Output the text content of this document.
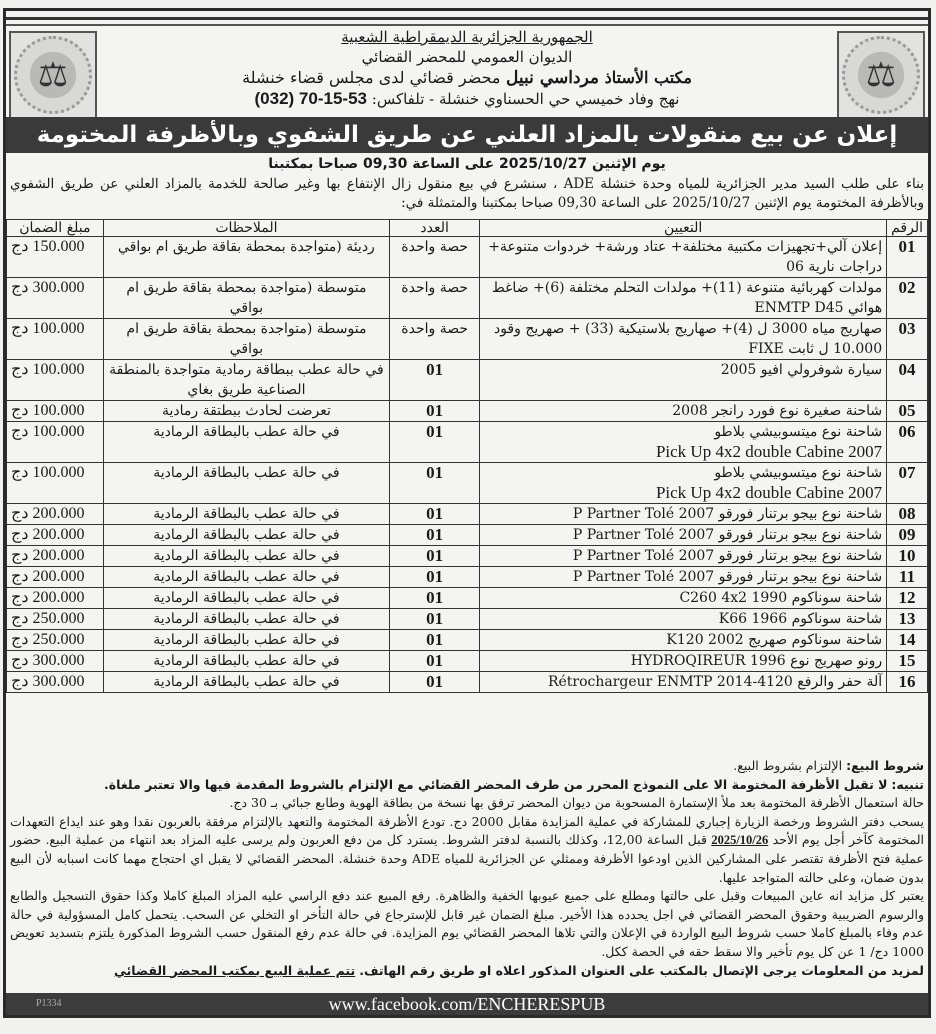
⚖
الجمهورية الجزائرية الديمقراطية الشعبية
الديوان العمومي للمحضر القضائي
مكتب الأستاذ مرداسي نبيل محضر قضائي لدى مجلس قضاء خنشلة
نهج وفاد خميسي حي الحسناوي خنشلة - تلفاكس: (032) 70-15-53
⚖
إعلان عن بيع منقولات بالمزاد العلني عن طريق الشفوي وبالأظرفة المختومة
يوم الإثنين 2025/10/27 على الساعة 09,30 صباحا بمكتبنا
بناء على طلب السيد مدير الجزائرية للمياه وحدة خنشلة ADE ، سنشرع في بيع منقول زال الإنتفاع بها وغير صالحة للخدمة بالمزاد العلني عن طريق الشفوي وبالأظرفة المختومة يوم الإثنين 2025/10/27 على الساعة 09,30 صباحا بمكتبنا والمتمثلة في:
الرقم	التعيين	العدد	الملاحظات	مبلغ الضمان
01	إعلان آلي+تجهيزات مكتبية مختلفة+ عتاد ورشة+ خردوات متنوعة+ دراجات نارية 06	حصة واحدة	رديئة (متواجدة بمحطة بقاقة طريق ام بواقي	150.000 دج
02	مولدات كهربائية متنوعة (11)+ مولدات التحلم مختلفة (6)+ ضاغط هوائي ENMTP D45	حصة واحدة	متوسطة (متواجدة بمحطة بقاقة طريق ام بواقي	300.000 دج
03	صهاريج مياه 3000 ل (4)+ صهاريج بلاستيكية (33) + صهريج وقود 10.000 ل ثابت FIXE	حصة واحدة	متوسطة (متواجدة بمحطة بقاقة طريق ام بواقي	100.000 دج
04	سيارة شوفرولي افيو 2005	01	في حالة عطب ببطاقة رمادية متواجدة بالمنطقة الصناعية طريق بغاي	100.000 دج
05	شاحنة صغيرة نوع فورد رانجر 2008	01	تعرضت لحادث ببطتقة رمادية	100.000 دج
06	شاحنة نوع ميتسوبيشي بلاطو
Pick Up 4x2 double Cabine 2007	01	في حالة عطب بالبطاقة الرمادية	100.000 دج
07	شاحنة نوع ميتسوبيشي بلاطو
Pick Up 4x2 double Cabine 2007	01	في حالة عطب بالبطاقة الرمادية	100.000 دج
08	شاحنة نوع بيجو برتنار فورقو P Partner Tolé 2007	01	في حالة عطب بالبطاقة الرمادية	200.000 دج
09	شاحنة نوع بيجو برتنار فورقو P Partner Tolé 2007	01	في حالة عطب بالبطاقة الرمادية	200.000 دج
10	شاحنة نوع بيجو برتنار فورقو P Partner Tolé 2007	01	في حالة عطب بالبطاقة الرمادية	200.000 دج
11	شاحنة نوع بيجو برتنار فورقو P Partner Tolé 2007	01	في حالة عطب بالبطاقة الرمادية	200.000 دج
12	شاحنة سوناكوم C260 4x2 1990	01	في حالة عطب بالبطاقة الرمادية	200.000 دج
13	شاحنة سوناكوم K66 1966	01	في حالة عطب بالبطاقة الرمادية	250.000 دج
14	شاحنة سوناكوم صهريج K120 2002	01	في حالة عطب بالبطاقة الرمادية	250.000 دج
15	رونو صهريج نوع HYDROQIREUR 1996	01	في حالة عطب بالبطاقة الرمادية	300.000 دج
16	آلة حفر والرفع Rétrochargeur ENMTP 2014-4120	01	في حالة عطب بالبطاقة الرمادية	300.000 دج
شروط البيع: الإلتزام بشروط البيع.
تنبيه: لا تقبل الأظرفة المختومة الا على النموذج المحرر من طرف المحضر القضائي مع الإلتزام بالشروط المقدمة فيها والا تعتبر ملغاة.
حالة استعمال الأظرفة المختومة بعد ملأ الإستمارة المسحوبة من ديوان المحضر ترفق بها نسخة من بطاقة الهوية وطابع جبائي بـ 30 دج.
يسحب دفتر الشروط ورخصة الزيارة إجباري للمشاركة في عملية المزايدة مقابل 2000 دج. تودع الأظرفة المختومة والتعهد بالإلتزام مرفقة بالعربون نقدا وهو عند ايداع التعهدات المختومة كآخر أجل يوم الأحد 2025/10/26 قبل الساعة 12,00، وكذلك بالنسبة لدفتر الشروط. يسترد كل من دفع العربون ولم يرسى عليه المزاد بعد انتهاء من عملية البيع. حضور عملية فتح الأظرفة تقتصر على المشاركين الذين اودعوا الأظرفة وممثلي عن الجزائرية للمياه ADE وحدة خنشلة. المحضر القضائي لا يقبل اي احتجاج مهما كانت اسبابه لأن البيع بدون ضمان، وعلى حالته المتواجد عليها.
يعتبر كل مزايد انه عاين المبيعات وقبل على حالتها ومطلع على جميع عيوبها الخفية والظاهرة. رفع المبيع عند دفع الراسي عليه المزاد المبلغ كاملا وكذا حقوق التسجيل والطابع والرسوم الضريبية وحقوق المحضر القضائي في اجل يحدده هذا الأخير. مبلغ الضمان غير قابل للإسترجاع في حالة التأخر او التخلي عن السحب. يتحمل كامل المسؤولية في حالة عدم وفاء بالمبلغ كاملا حسب شروط البيع الواردة في الإعلان والتي تلاها المحضر القضائي يوم المزايدة. في حالة عدم رفع المنقول حسب الشروط المذكورة يلتزم بتسديد تعويض 1000 دج/ 1 عن كل يوم تأخير والا سقط حقه في الحصة ككل.
لمزيد من المعلومات يرجى الإتصال بالمكتب على العنوان المذكور اعلاه او طريق رقم الهاتف. تتم عملية البيع بمكتب المحضر القضائي
P1334	www.facebook.com/ENCHERESPUB
